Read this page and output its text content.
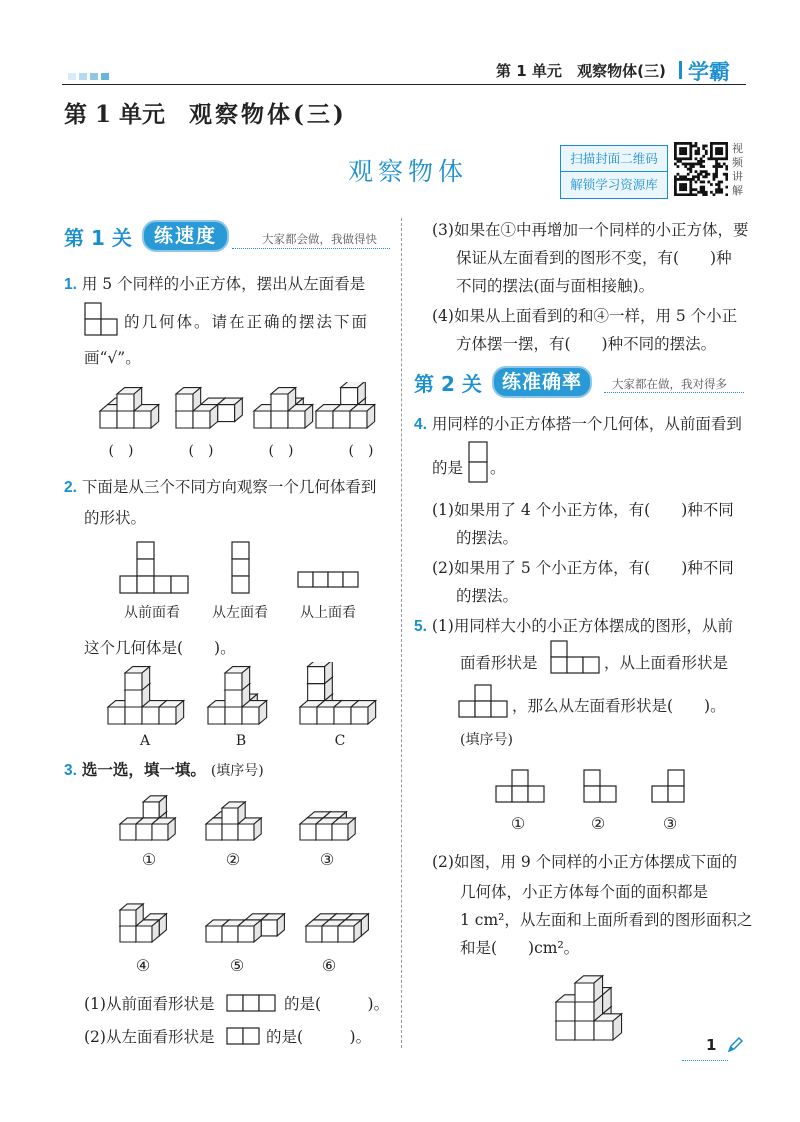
第 1 单元 观察物体(三) 学霸
第 1 单元 观察物体(三)
观察物体	扫描封面二维码
解锁学习资源库
视频讲解
第 1 关	练速度	大家都会做，我做得快
1. 用 5 个同样的小正方体，摆出从左面看是
的几何体。请在正确的摆法下面
画“√”。
(　)	(　)	(　)	(　)
2. 下面是从三个不同方向观察一个几何体看到
的形状。
从前面看 从左面看 从上面看
这个几何体是(　　)。
A	B	C
3. 选一选，填一填。 (填序号)
①	②	③
④	⑤	⑥
(1)从前面看形状是	的是(　　　)。
(2)从左面看形状是	的是(　　　)。
(3)如果在①中再增加一个同样的小正方体，要
保证从左面看到的图形不变，有(　　)种
不同的摆法(面与面相接触)。
(4)如果从上面看到的和④一样，用 5 个小正
方体摆一摆，有(　　)种不同的摆法。
第 2 关	练准确率	大家都在做，我对得多
4. 用同样的小正方体搭一个几何体，从前面看到
的是 。
(1)如果用了 4 个小正方体，有(　　)种不同
的摆法。
(2)如果用了 5 个小正方体，有(　　)种不同
的摆法。
5. (1)用同样大小的小正方体摆成的图形，从前
面看形状是	，从上面看形状是
，那么从左面看形状是(　　)。
(填序号)
①	②	③
(2)如图，用 9 个同样的小正方体摆成下面的
几何体，小正方体每个面的面积都是
1 cm²，从左面和上面所看到的图形面积之
和是(　　)cm²。
1
